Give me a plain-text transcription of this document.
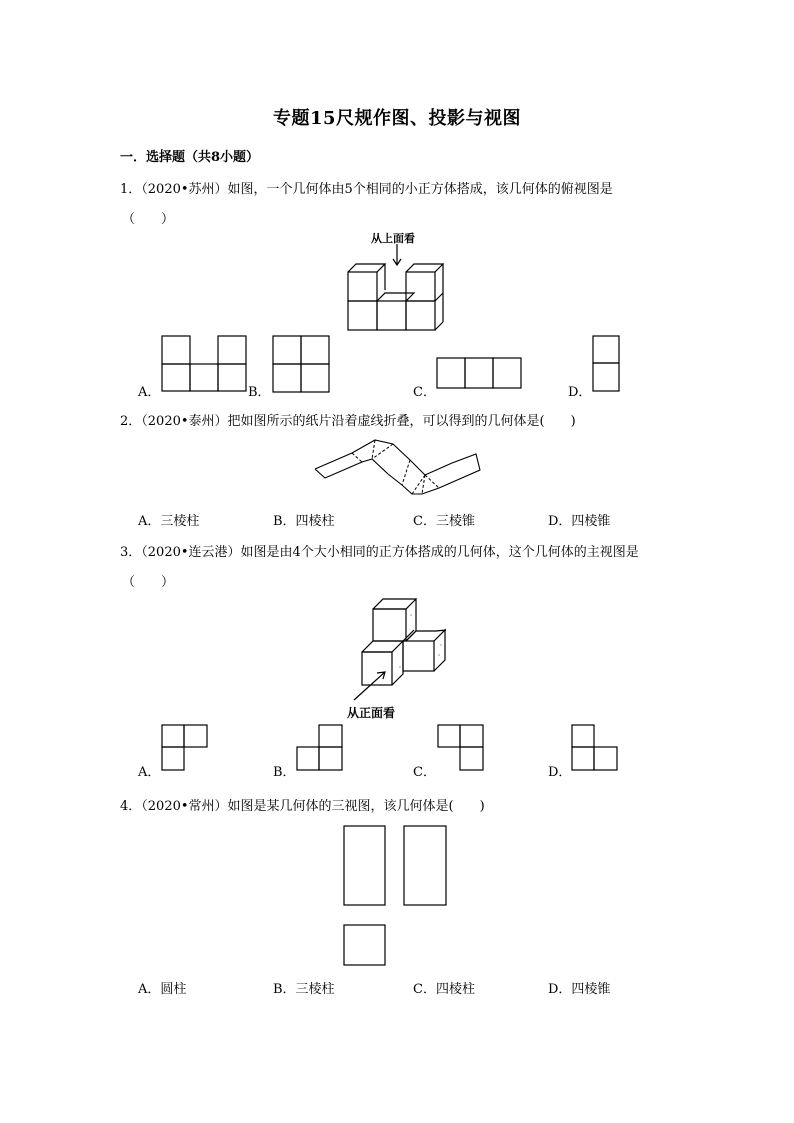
专题15尺规作图、投影与视图
一．选择题（共8小题）
1．（2020•苏州）如图，一个几何体由5个相同的小正方体搭成，该几何体的俯视图是
（　　）
从上面看
A．	B．	C．	D．
2．（2020•泰州）把如图所示的纸片沿着虚线折叠，可以得到的几何体是(　　)
A．三棱柱	B．四棱柱	C．三棱锥	D．四棱锥
3．（2020•连云港）如图是由4个大小相同的正方体搭成的几何体，这个几何体的主视图是
（　　）
从正面看
A．	B．	C．	D．
4．（2020•常州）如图是某几何体的三视图，该几何体是(　　)
A．圆柱	B．三棱柱	C．四棱柱	D．四棱锥
